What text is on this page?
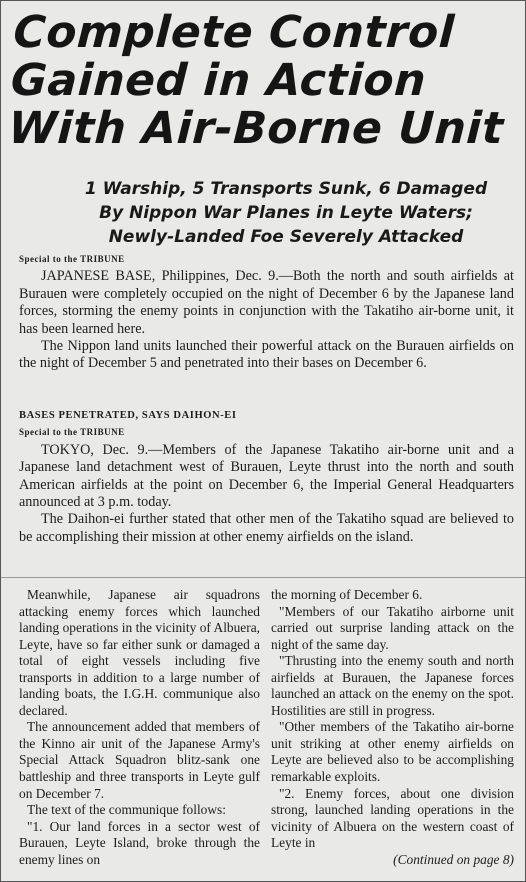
Complete Control
Gained in Action
With Air-Borne Unit
1 Warship, 5 Transports Sunk, 6 Damaged
By Nippon War Planes in Leyte Waters;
Newly-Landed Foe Severely Attacked
Special to the TRIBUNE

JAPANESE BASE, Philippines, Dec. 9.—Both the north and south airfields at Burauen were completely occupied on the night of December 6 by the Japanese land forces, storming the enemy points in conjunction with the Takatiho air-borne unit, it has been learned here.

The Nippon land units launched their powerful attack on the Burauen airfields on the night of December 5 and penetrated into their bases on December 6.

BASES PENETRATED, SAYS DAIHON-EI
Special to the TRIBUNE

TOKYO, Dec. 9.—Members of the Japanese Takatiho air-borne unit and a Japanese land detachment west of Burauen, Leyte thrust into the north and south American airfields at the point on December 6, the Imperial General Headquarters announced at 3 p.m. today.

The Daihon-ei further stated that other men of the Takatiho squad are believed to be accomplishing their mission at other enemy airfields on the island.

Meanwhile, Japanese air squadrons attacking enemy forces which launched landing operations in the vicinity of Albuera, Leyte, have so far either sunk or damaged a total of eight vessels including five transports in addition to a large number of landing boats, the I.G.H. communique also declared.

The announcement added that members of the Kinno air unit of the Japanese Army's Special Attack Squadron blitz-sank one battleship and three transports in Leyte gulf on December 7.

The text of the communique follows:

"1. Our land forces in a sector west of Burauen, Leyte Island, broke through the enemy lines on

the morning of December 6.

"Members of our Takatiho airborne unit carried out surprise landing attack on the night of the same day.

"Thrusting into the enemy south and north airfields at Burauen, the Japanese forces launched an attack on the enemy on the spot. Hostilities are still in progress.

"Other members of the Takatiho air-borne unit striking at other enemy airfields on Leyte are believed also to be accomplishing remarkable exploits.

"2. Enemy forces, about one division strong, launched landing operations in the vicinity of Albuera on the western coast of Leyte in

(Continued on page 8)
